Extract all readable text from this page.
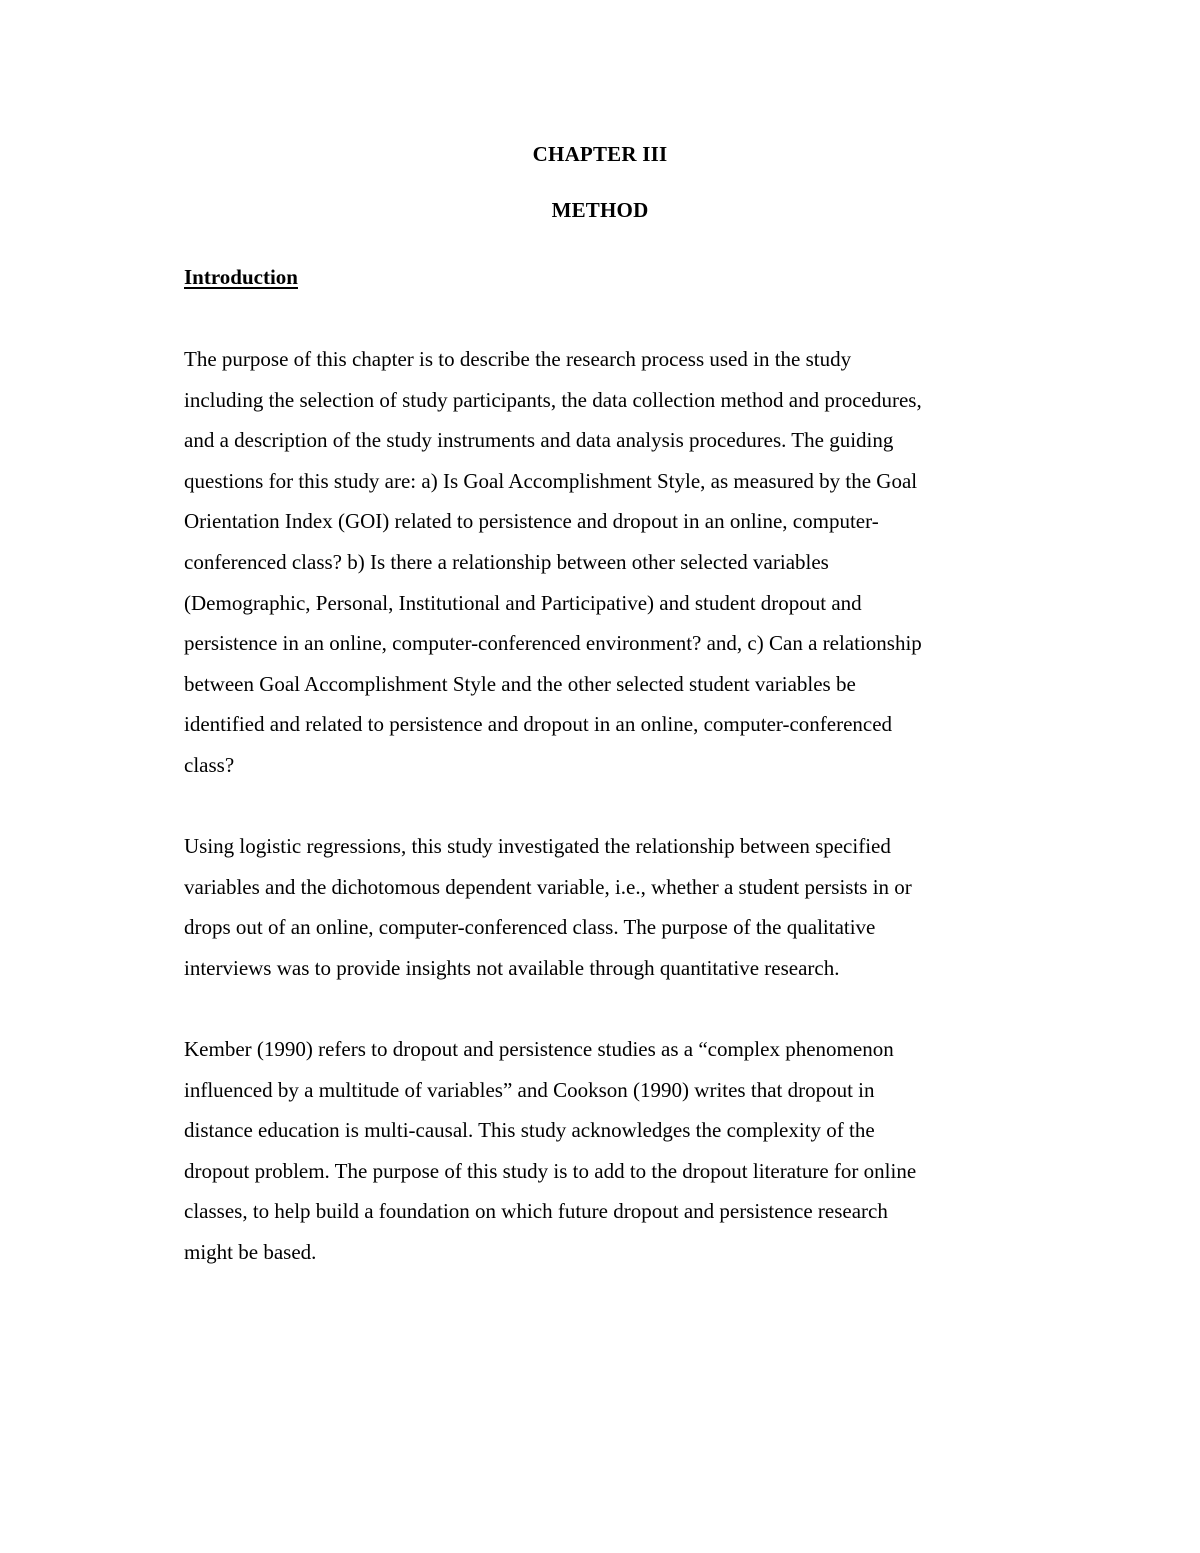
CHAPTER III
METHOD
Introduction

The purpose of this chapter is to describe the research process used in the study
including the selection of study participants, the data collection method and procedures,
and a description of the study instruments and data analysis procedures. The guiding
questions for this study are: a) Is Goal Accomplishment Style, as measured by the Goal
Orientation Index (GOI) related to persistence and dropout in an online, computer-
conferenced class? b) Is there a relationship between other selected variables
(Demographic, Personal, Institutional and Participative) and student dropout and
persistence in an online, computer-conferenced environment? and, c) Can a relationship
between Goal Accomplishment Style and the other selected student variables be
identified and related to persistence and dropout in an online, computer-conferenced
class?

Using logistic regressions, this study investigated the relationship between specified
variables and the dichotomous dependent variable, i.e., whether a student persists in or
drops out of an online, computer-conferenced class. The purpose of the qualitative
interviews was to provide insights not available through quantitative research.

Kember (1990) refers to dropout and persistence studies as a “complex phenomenon
influenced by a multitude of variables” and Cookson (1990) writes that dropout in
distance education is multi-causal. This study acknowledges the complexity of the
dropout problem. The purpose of this study is to add to the dropout literature for online
classes, to help build a foundation on which future dropout and persistence research
might be based.
